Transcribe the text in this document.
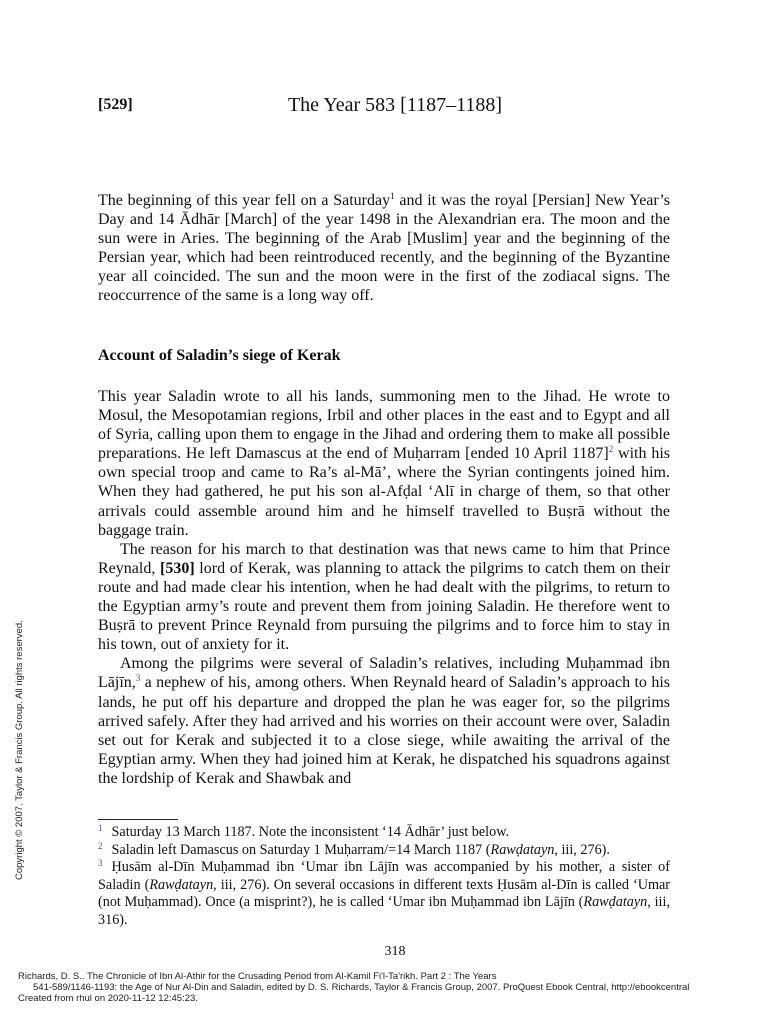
[529]	The Year 583 [1187–1188]

The beginning of this year fell on a Saturday$^1$ and it was the royal [Persian] New Year’s Day and 14 Ādhār [March] of the year 1498 in the Alexandrian era. The moon and the sun were in Aries. The beginning of the Arab [Muslim] year and the beginning of the Persian year, which had been reintroduced recently, and the beginning of the Byzantine year all coincided. The sun and the moon were in the first of the zodiacal signs. The reoccurrence of the same is a long way off.

Account of Saladin’s siege of Kerak

This year Saladin wrote to all his lands, summoning men to the Jihad. He wrote to Mosul, the Mesopotamian regions, Irbil and other places in the east and to Egypt and all of Syria, calling upon them to engage in the Jihad and ordering them to make all possible preparations. He left Damascus at the end of Muḥarram [ended 10 April 1187]$^2$ with his own special troop and came to Ra’s al-Mā’, where the Syrian contingents joined him. When they had gathered, he put his son al-Afḍal ‘Alī in charge of them, so that other arrivals could assemble around him and he himself travelled to Buṣrā without the baggage train.

The reason for his march to that destination was that news came to him that Prince Reynald, [530] lord of Kerak, was planning to attack the pilgrims to catch them on their route and had made clear his intention, when he had dealt with the pilgrims, to return to the Egyptian army’s route and prevent them from joining Saladin. He therefore went to Buṣrā to prevent Prince Reynald from pursuing the pilgrims and to force him to stay in his town, out of anxiety for it.

Among the pilgrims were several of Saladin’s relatives, including Muḥammad ibn Lājīn,$^3$ a nephew of his, among others. When Reynald heard of Saladin’s approach to his lands, he put off his departure and dropped the plan he was eager for, so the pilgrims arrived safely. After they had arrived and his worries on their account were over, Saladin set out for Kerak and subjected it to a close siege, while awaiting the arrival of the Egyptian army. When they had joined him at Kerak, he dispatched his squadrons against the lordship of Kerak and Shawbak and

$^1$ Saturday 13 March 1187. Note the inconsistent ‘14 Ādhār’ just below.

$^2$ Saladin left Damascus on Saturday 1 Muḥarram/=14 March 1187 (Rawḍatayn, iii, 276).

$^3$ Ḥusām al-Dīn Muḥammad ibn ‘Umar ibn Lājīn was accompanied by his mother, a sister of Saladin (Rawḍatayn, iii, 276). On several occasions in different texts Ḥusām al-Dīn is called ‘Umar (not Muḥammad). Once (a misprint?), he is called ‘Umar ibn Muḥammad ibn Lājīn (Rawḍatayn, iii, 316).

318
Copyright © 2007. Taylor & Francis Group. All rights reserved.
Richards, D. S.. The Chronicle of Ibn Al-Athir for the Crusading Period from Al-Kamil Fi'l-Ta'rikh. Part 2 : The Years
541-589/1146-1193: the Age of Nur Al-Din and Saladin, edited by D. S. Richards, Taylor & Francis Group, 2007. ProQuest Ebook Central, http://ebookcentral
Created from rhul on 2020-11-12 12:45:23.
